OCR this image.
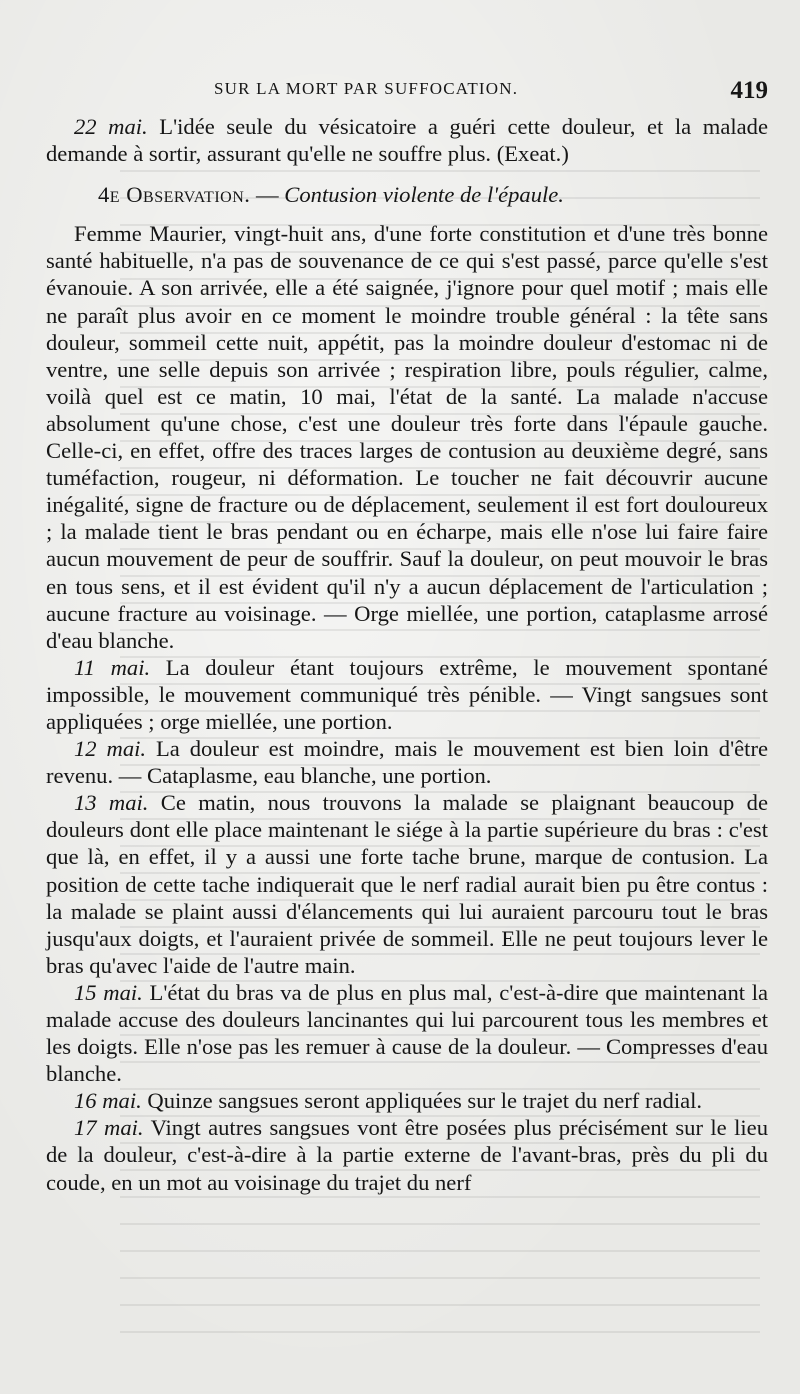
SUR LA MORT PAR SUFFOCATION.	419

22 mai. L'idée seule du vésicatoire a guéri cette douleur, et la malade demande à sortir, assurant qu'elle ne souffre plus. (Exeat.)

4e Observation. — Contusion violente de l'épaule.

Femme Maurier, vingt-huit ans, d'une forte constitution et d'une très bonne santé habituelle, n'a pas de souvenance de ce qui s'est passé, parce qu'elle s'est évanouie. A son arrivée, elle a été saignée, j'ignore pour quel motif ; mais elle ne paraît plus avoir en ce moment le moindre trouble général : la tête sans douleur, sommeil cette nuit, appétit, pas la moindre douleur d'estomac ni de ventre, une selle depuis son arrivée ; respiration libre, pouls régulier, calme, voilà quel est ce matin, 10 mai, l'état de la santé. La malade n'accuse absolument qu'une chose, c'est une douleur très forte dans l'épaule gauche. Celle-ci, en effet, offre des traces larges de contusion au deuxième degré, sans tuméfaction, rougeur, ni déformation. Le toucher ne fait découvrir aucune inégalité, signe de fracture ou de déplacement, seulement il est fort douloureux ; la malade tient le bras pendant ou en écharpe, mais elle n'ose lui faire faire aucun mouvement de peur de souffrir. Sauf la douleur, on peut mouvoir le bras en tous sens, et il est évident qu'il n'y a aucun déplacement de l'articulation ; aucune fracture au voisinage. — Orge miellée, une portion, cataplasme arrosé d'eau blanche.

11 mai. La douleur étant toujours extrême, le mouvement spontané impossible, le mouvement communiqué très pénible. — Vingt sangsues sont appliquées ; orge miellée, une portion.

12 mai. La douleur est moindre, mais le mouvement est bien loin d'être revenu. — Cataplasme, eau blanche, une portion.

13 mai. Ce matin, nous trouvons la malade se plaignant beaucoup de douleurs dont elle place maintenant le siége à la partie supérieure du bras : c'est que là, en effet, il y a aussi une forte tache brune, marque de contusion. La position de cette tache indiquerait que le nerf radial aurait bien pu être contus : la malade se plaint aussi d'élancements qui lui auraient parcouru tout le bras jusqu'aux doigts, et l'auraient privée de sommeil. Elle ne peut toujours lever le bras qu'avec l'aide de l'autre main.

15 mai. L'état du bras va de plus en plus mal, c'est-à-dire que maintenant la malade accuse des douleurs lancinantes qui lui parcourent tous les membres et les doigts. Elle n'ose pas les remuer à cause de la douleur. — Compresses d'eau blanche.

16 mai. Quinze sangsues seront appliquées sur le trajet du nerf radial.

17 mai. Vingt autres sangsues vont être posées plus précisément sur le lieu de la douleur, c'est-à-dire à la partie externe de l'avant-bras, près du pli du coude, en un mot au voisinage du trajet du nerf
